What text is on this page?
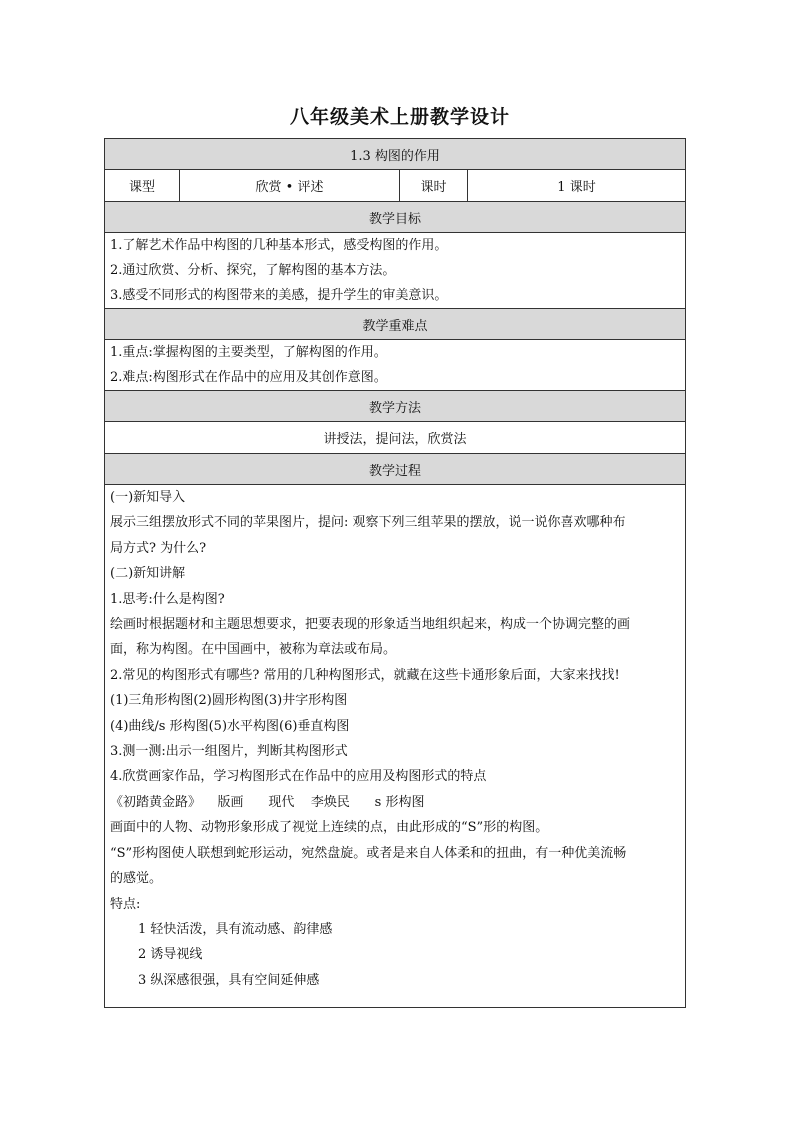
八年级美术上册教学设计
1.3 构图的作用
课型	欣赏 • 评述	课时	1 课时
教学目标

1.了解艺术作品中构图的几种基本形式，感受构图的作用。
2.通过欣赏、分析、探究，了解构图的基本方法。
3.感受不同形式的构图带来的美感，提升学生的审美意识。

教学重难点

1.重点:掌握构图的主要类型，了解构图的作用。
2.难点:构图形式在作品中的应用及其创作意图。

教学方法
讲授法，提问法，欣赏法
教学过程

(一)新知导入
展示三组摆放形式不同的苹果图片，提问: 观察下列三组苹果的摆放，说一说你喜欢哪种布
局方式? 为什么?
(二)新知讲解
1.思考:什么是构图?
绘画时根据题材和主题思想要求，把要表现的形象适当地组织起来，构成一个协调完整的画
面，称为构图。在中国画中，被称为章法或布局。
2.常见的构图形式有哪些? 常用的几种构图形式，就藏在这些卡通形象后面，大家来找找!
(1)三角形构图(2)圆形构图(3)井字形构图
(4)曲线/s 形构图(5)水平构图(6)垂直构图
3.测一测:出示一组图片，判断其构图形式
4.欣赏画家作品，学习构图形式在作品中的应用及构图形式的特点
《初踏黄金路》    版画      现代    李焕民      s 形构图
画面中的人物、动物形象形成了视觉上连续的点，由此形成的“S”形的构图。
“S”形构图使人联想到蛇形运动，宛然盘旋。或者是来自人体柔和的扭曲，有一种优美流畅
的感觉。
特点:
1 轻快活泼，具有流动感、韵律感
2 诱导视线
3 纵深感很强，具有空间延伸感
